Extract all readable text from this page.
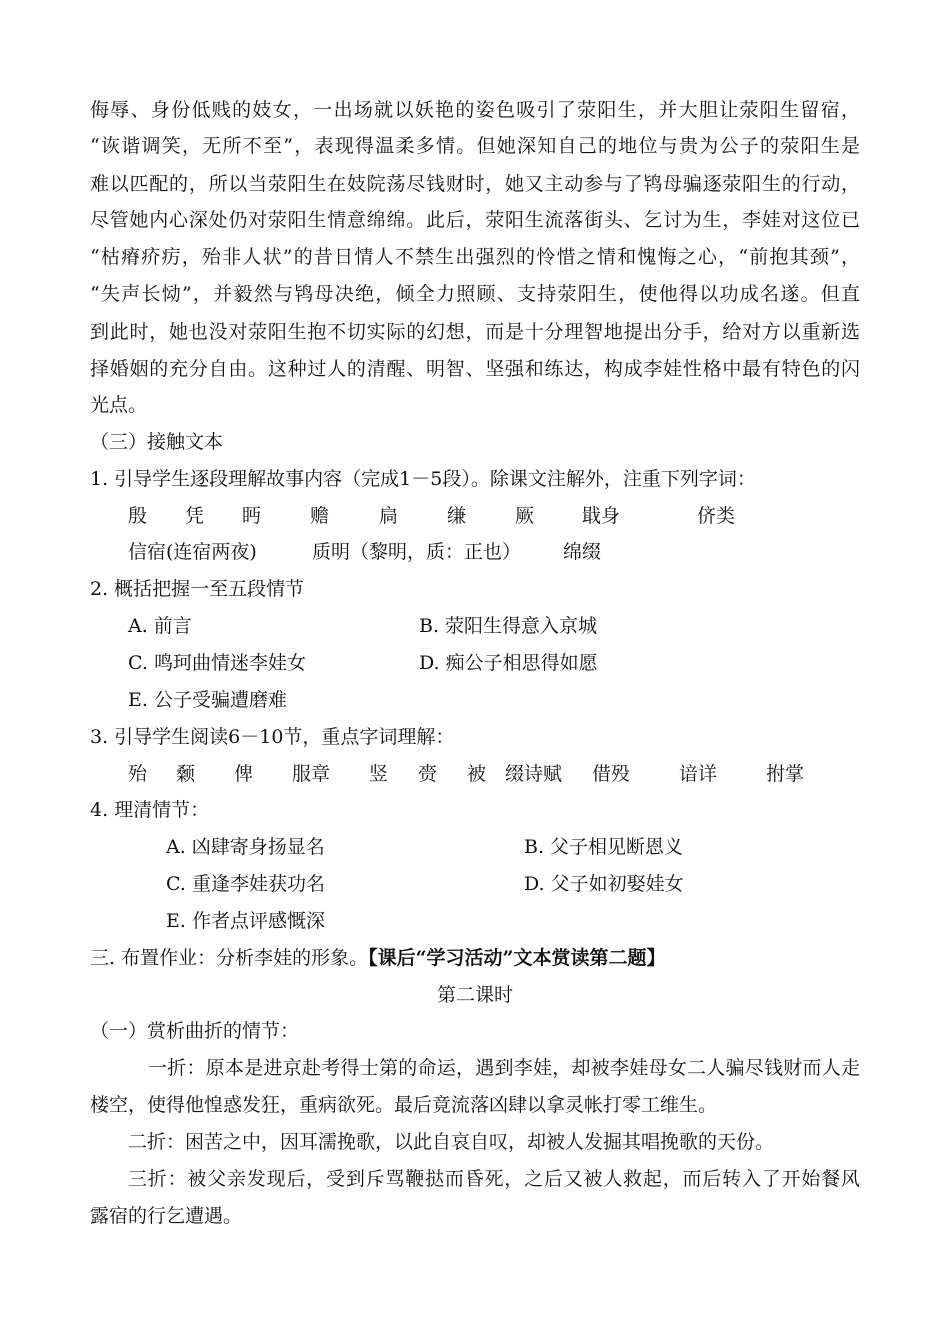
侮辱、身份低贱的妓女，一出场就以妖艳的姿色吸引了荥阳生，并大胆让荥阳生留宿，
“诙谐调笑，无所不至”，表现得温柔多情。但她深知自己的地位与贵为公子的荥阳生是
难以匹配的，所以当荥阳生在妓院荡尽钱财时，她又主动参与了鸨母骗逐荥阳生的行动，
尽管她内心深处仍对荥阳生情意绵绵。此后，荥阳生流落街头、乞讨为生，李娃对这位已
“枯瘠疥疠，殆非人状”的昔日情人不禁生出强烈的怜惜之情和愧悔之心，“前抱其颈”，
“失声长恸”，并毅然与鸨母决绝，倾全力照顾、支持荥阳生，使他得以功成名遂。但直
到此时，她也没对荥阳生抱不切实际的幻想，而是十分理智地提出分手，给对方以重新选
择婚姻的充分自由。这种过人的清醒、明智、坚强和练达，构成李娃性格中最有特色的闪
光点。
（三）接触文本
1. 引导学生逐段理解故事内容（完成1－5段）。除课文注解外，注重下列字词：
殷 凭 眄	赡	扃	缣	厥	戢身	侪类
信宿(连宿两夜)	质明（黎明，质：正也） 绵缀
2. 概括把握一至五段情节
A. 前言	B. 荥阳生得意入京城
C. 鸣珂曲情迷李娃女	D. 痴公子相思得如愿
E. 公子受骗遭磨难
3. 引导学生阅读6－10节，重点字词理解：
殆 颡 俾 服章 竖 赍 被 缀诗赋 借殁	谙详	拊掌
4. 理清情节：
A. 凶肆寄身扬显名	B. 父子相见断恩义
C. 重逢李娃获功名	D. 父子如初娶娃女
E. 作者点评感慨深
三. 布置作业：分析李娃的形象。【课后“学习活动”文本赏读第二题】
第二课时
（一）赏析曲折的情节：
一折：原本是进京赴考得士第的命运，遇到李娃，却被李娃母女二人骗尽钱财而人走
楼空，使得他惶惑发狂，重病欲死。最后竟流落凶肆以拿灵帐打零工维生。
二折：困苦之中，因耳濡挽歌，以此自哀自叹，却被人发掘其唱挽歌的天份。
三折：被父亲发现后，受到斥骂鞭挞而昏死，之后又被人救起，而后转入了开始餐风
露宿的行乞遭遇。
